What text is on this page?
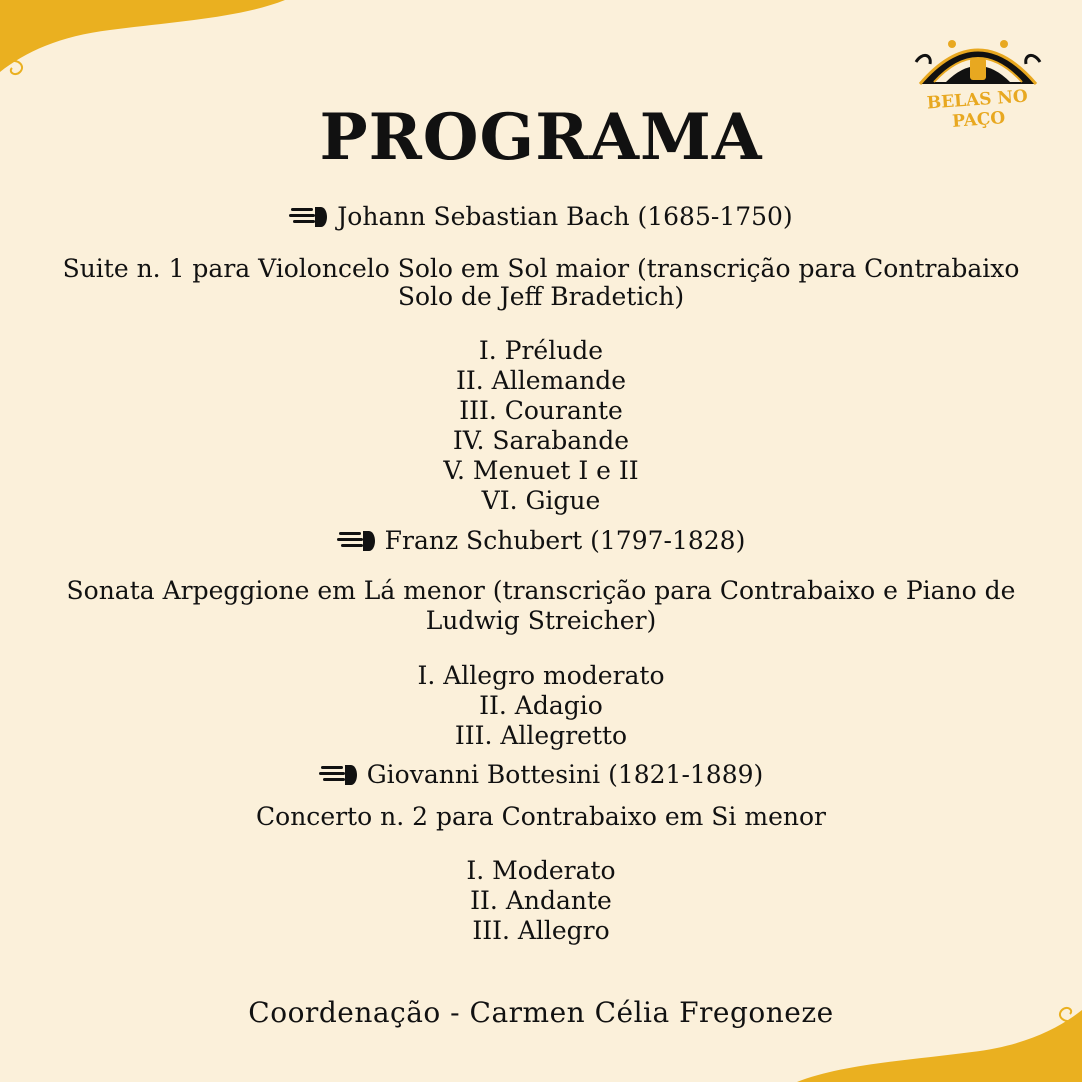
BELAS NO PAÇO
PROGRAMA
Johann Sebastian Bach (1685-1750)
Suite n. 1 para Violoncelo Solo em Sol maior (transcrição para Contrabaixo
Solo de Jeff Bradetich)
I. Prélude
II. Allemande
III. Courante
IV. Sarabande
V. Menuet I e II
VI. Gigue
Franz Schubert (1797-1828)
Sonata Arpeggione em Lá menor (transcrição para Contrabaixo e Piano de
Ludwig Streicher)
I. Allegro moderato
II. Adagio
III. Allegretto
Giovanni Bottesini (1821-1889)
Concerto n. 2 para Contrabaixo em Si menor
I. Moderato
II. Andante
III. Allegro
Coordenação - Carmen Célia Fregoneze
